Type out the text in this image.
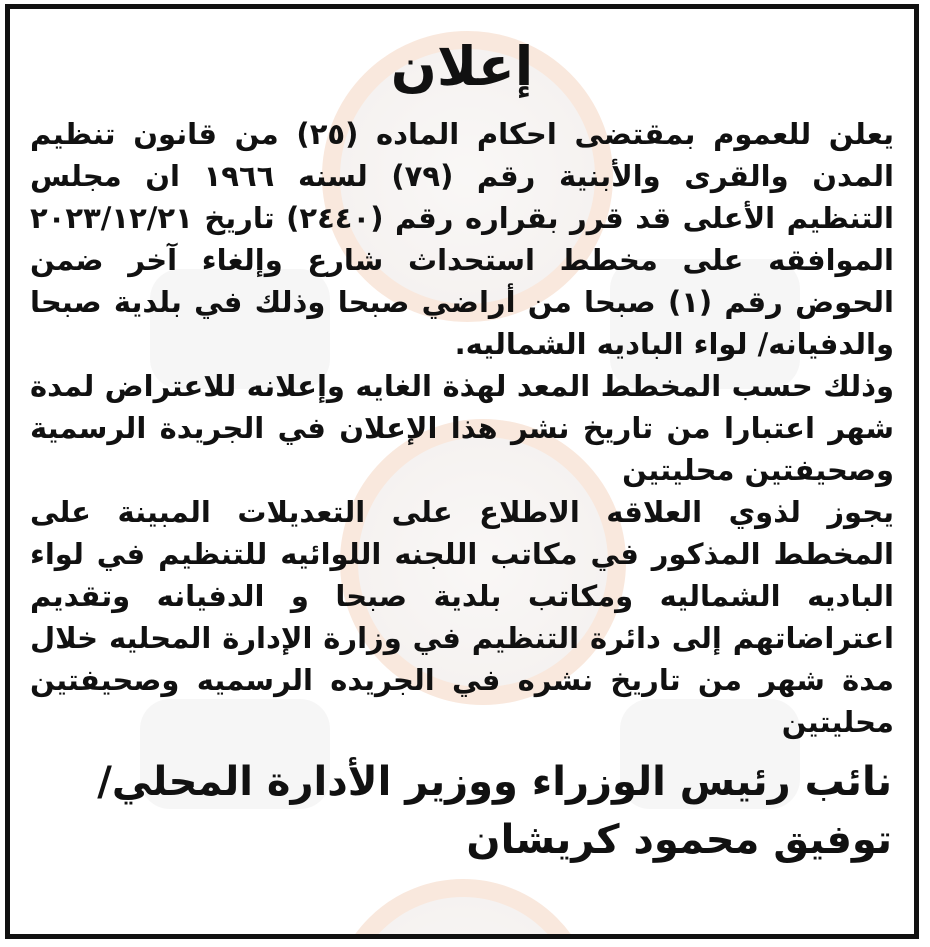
إعلان

يعلن للعموم بمقتضى احكام الماده (٢٥) من قانون تنظيم المدن والقرى والأبنية رقم (٧٩) لسنه ١٩٦٦ ان مجلس التنظيم الأعلى قد قرر بقراره رقم (٢٤٤٠) تاريخ ٢٠٢٣/١٢/٢١ الموافقه على مخطط استحداث شارع وإلغاء آخر ضمن الحوض رقم (١) صبحا من أراضي صبحا وذلك في بلدية صبحا والدفيانه/ لواء الباديه الشماليه.

وذلك حسب المخطط المعد لهذة الغايه وإعلانه للاعتراض لمدة شهر اعتبارا من تاريخ نشر هذا الإعلان في الجريدة الرسمية وصحيفتين محليتين

يجوز لذوي العلاقه الاطلاع على التعديلات المبينة على المخطط المذكور في مكاتب اللجنه اللوائيه للتنظيم في لواء الباديه الشماليه ومكاتب بلدية صبحا و الدفيانه وتقديم اعتراضاتهم إلى دائرة التنظيم في وزارة الإدارة المحليه خلال مدة شهر من تاريخ نشره في الجريده الرسميه وصحيفتين محليتين

نائب رئيس الوزراء ووزير الأدارة المحلي/
توفيق محمود كريشان
